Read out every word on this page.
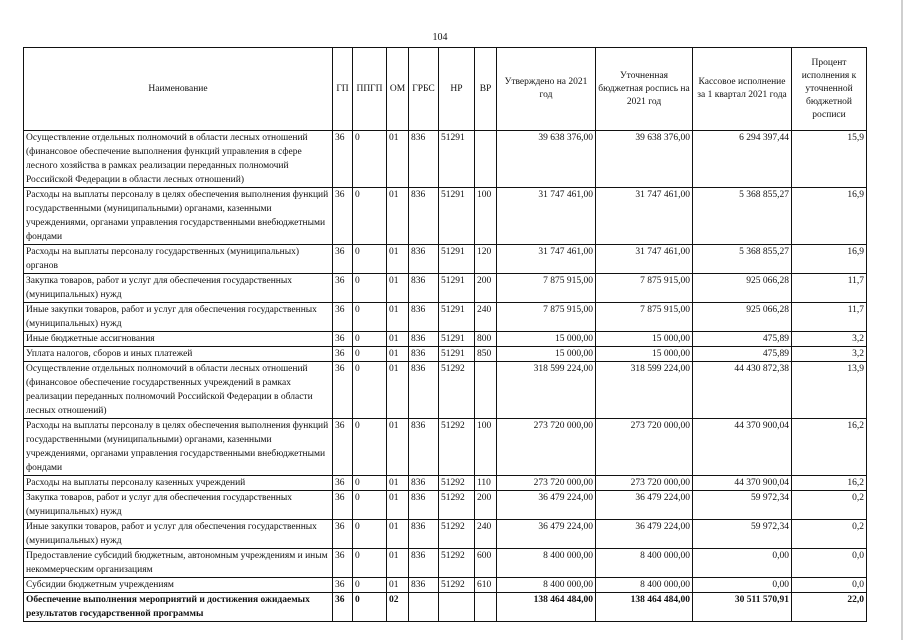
104
Наименование	ГП	ППГП	ОМ	ГРБС	НР	ВР	Утверждено на 2021 год	Уточненная бюджетная роспись на 2021 год	Кассовое исполнение за 1 квартал 2021 года	Процент исполнения к уточненной бюджетной росписи
Осуществление отдельных полномочий в области лесных отношений (финансовое обеспечение выполнения функций управления в сфере лесного хозяйства в рамках реализации переданных полномочий Российской Федерации в области лесных отношений)	36	0	01	836	51291		39 638 376,00	39 638 376,00	6 294 397,44	15,9
Расходы на выплаты персоналу в целях обеспечения выполнения функций государственными (муниципальными) органами, казенными учреждениями, органами управления государственными внебюджетными фондами	36	0	01	836	51291	100	31 747 461,00	31 747 461,00	5 368 855,27	16,9
Расходы на выплаты персоналу государственных (муниципальных) органов	36	0	01	836	51291	120	31 747 461,00	31 747 461,00	5 368 855,27	16,9
Закупка товаров, работ и услуг для обеспечения государственных (муниципальных) нужд	36	0	01	836	51291	200	7 875 915,00	7 875 915,00	925 066,28	11,7
Иные закупки товаров, работ и услуг для обеспечения государственных (муниципальных) нужд	36	0	01	836	51291	240	7 875 915,00	7 875 915,00	925 066,28	11,7
Иные бюджетные ассигнования	36	0	01	836	51291	800	15 000,00	15 000,00	475,89	3,2
Уплата налогов, сборов и иных платежей	36	0	01	836	51291	850	15 000,00	15 000,00	475,89	3,2
Осуществление отдельных полномочий в области лесных отношений (финансовое обеспечение государственных учреждений в рамках реализации переданных полномочий Российской Федерации в области лесных отношений)	36	0	01	836	51292		318 599 224,00	318 599 224,00	44 430 872,38	13,9
Расходы на выплаты персоналу в целях обеспечения выполнения функций государственными (муниципальными) органами, казенными учреждениями, органами управления государственными внебюджетными фондами	36	0	01	836	51292	100	273 720 000,00	273 720 000,00	44 370 900,04	16,2
Расходы на выплаты персоналу казенных учреждений	36	0	01	836	51292	110	273 720 000,00	273 720 000,00	44 370 900,04	16,2
Закупка товаров, работ и услуг для обеспечения государственных (муниципальных) нужд	36	0	01	836	51292	200	36 479 224,00	36 479 224,00	59 972,34	0,2
Иные закупки товаров, работ и услуг для обеспечения государственных (муниципальных) нужд	36	0	01	836	51292	240	36 479 224,00	36 479 224,00	59 972,34	0,2
Предоставление субсидий бюджетным, автономным учреждениям и иным некоммерческим организациям	36	0	01	836	51292	600	8 400 000,00	8 400 000,00	0,00	0,0
Субсидии бюджетным учреждениям	36	0	01	836	51292	610	8 400 000,00	8 400 000,00	0,00	0,0
Обеспечение выполнения мероприятий и достижения ожидаемых результатов государственной программы	36	0	02				138 464 484,00	138 464 484,00	30 511 570,91	22,0
